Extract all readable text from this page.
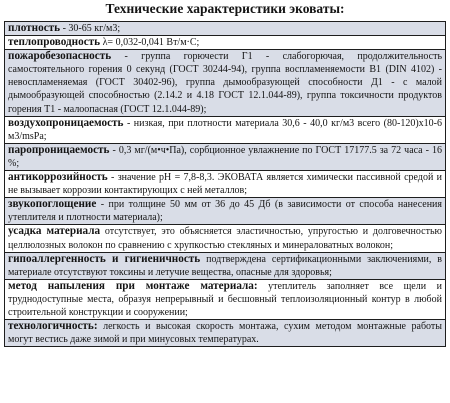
Технические характеристики эковаты:
плотность - 30-65 кг/м3;
теплопроводность λ= 0,032-0,041 Вт/м·С;
пожаробезопасность - группа горючести Г1 - слабогорючая, продолжительность самостоятельного горения 0 секунд (ГОСТ 30244-94), группа воспламеняемости В1 (DIN 4102) - невоспламеняемая (ГОСТ 30402-96), группа дымообразующей способности Д1 - с малой дымообразующей способностью (2.14.2 и 4.18 ГОСТ 12.1.044-89), группа токсичности продуктов горения Т1 - малоопасная (ГОСТ 12.1.044-89);
воздухопроницаемость - низкая, при плотности материала 30,6 - 40,0 кг/м3 всего (80-120)х10-6 м3/msPa;
паропроницаемость - 0,3 мг/(м•ч•Па), сорбционное увлажнение по ГОСТ 17177.5 за 72 часа - 16 %;
антикоррозийность - значение рН = 7,8-8,3. ЭКОВАТА является химически пассивной средой и не вызывает коррозии контактирующих с ней металлов;
звукопоглощение - при толщине 50 мм от 36 до 45 Дб (в зависимости от способа нанесения утеплителя и плотности материала);
усадка материала отсутствует, это объясняется эластичностью, упругостью и долговечностью целлюлозных волокон по сравнению с хрупкостью стекляных и минераловатных волокон;
гипоаллергенность и гигиеничность подтверждена сертификационными заключениями, в материале отсутствуют токсины и летучие вещества, опасные для здоровья;
метод напыления при монтаже материала: утеплитель заполняет все щели и труднодоступные места, образуя непрерывный и бесшовный теплоизоляционный контур в любой строительной конструкции и сооружении;
технологичность: легкость и высокая скорость монтажа, сухим методом монтажные работы могут вестись даже зимой и при минусовых температурах.
